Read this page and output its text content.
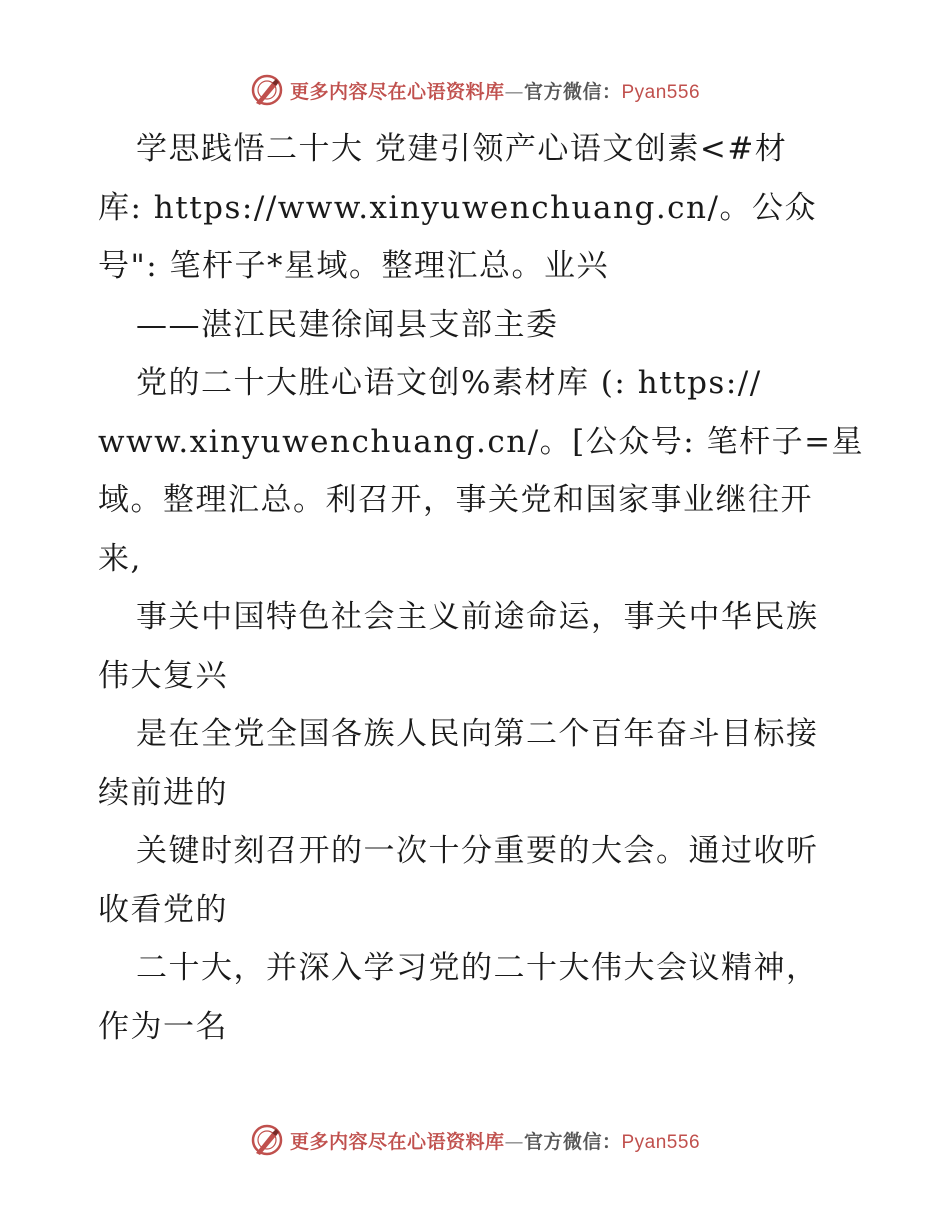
更多内容尽在心语资料库—官方微信：Pyan556
学思践悟二十大 党建引领产心语文创素<#材
库: https://www.xinyuwenchuang.cn/。公众
号": 笔杆子*星域。整理汇总。业兴
——湛江民建徐闻县支部主委
党的二十大胜心语文创%素材库 (: https://
www.xinyuwenchuang.cn/。[公众号: 笔杆子=星
域。整理汇总。利召开，事关党和国家事业继往开
来,
事关中国特色社会主义前途命运，事关中华民族
伟大复兴
是在全党全国各族人民向第二个百年奋斗目标接
续前进的
关键时刻召开的一次十分重要的大会。通过收听
收看党的
二十大，并深入学习党的二十大伟大会议精神，
作为一名
更多内容尽在心语资料库—官方微信：Pyan556
